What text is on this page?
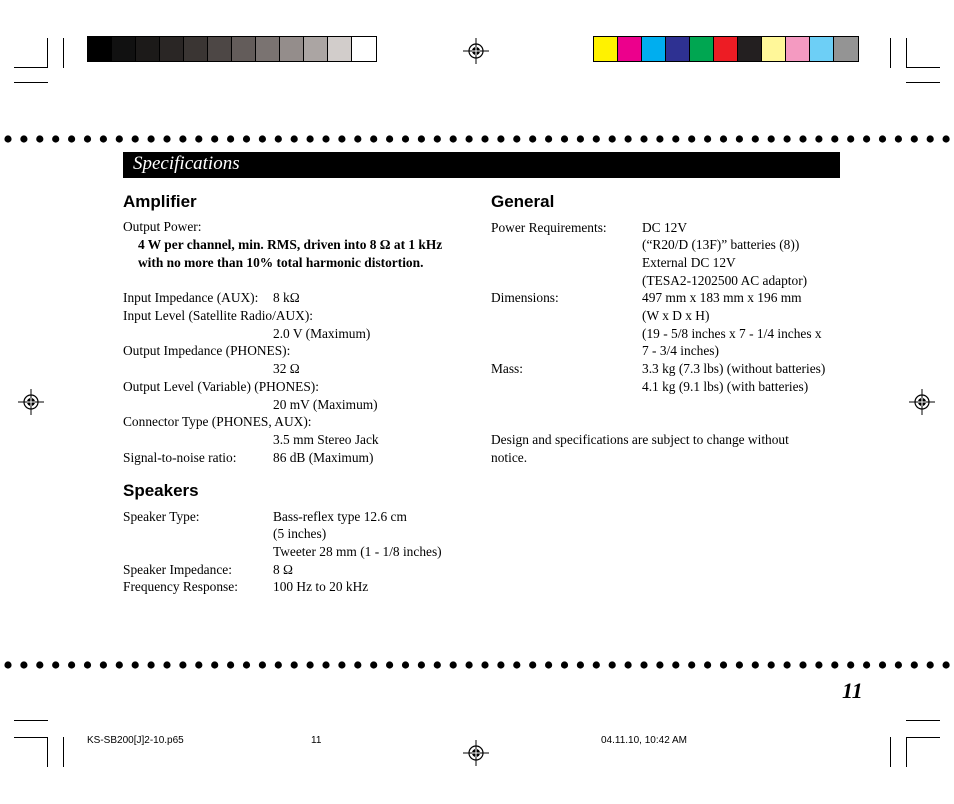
Specifications
Amplifier
Output Power:
4 W per channel, min. RMS, driven into 8 Ω at 1 kHz
with no more than 10% total harmonic distortion.
Input Impedance (AUX): 8 kΩ
Input Level (Satellite Radio/AUX):
2.0 V (Maximum)
Output Impedance (PHONES):
32 Ω
Output Level (Variable) (PHONES):
20 mV (Maximum)
Connector Type (PHONES, AUX):
3.5 mm Stereo Jack
Signal-to-noise ratio:	86 dB (Maximum)
Speakers
Speaker Type:	Bass-reflex type 12.6 cm
(5 inches)
Tweeter 28 mm (1 - 1/8 inches)
Speaker Impedance:	8 Ω
Frequency Response:	100 Hz to 20 kHz
General
Power Requirements:	DC 12V
(“R20/D (13F)” batteries (8))
External DC 12V
(TESA2-1202500 AC adaptor)
Dimensions:	497 mm x 183 mm x 196 mm
(W x D x H)
(19 - 5/8 inches x 7 - 1/4 inches x
7 - 3/4 inches)
Mass:	3.3 kg (7.3 lbs) (without batteries)
4.1 kg (9.1 lbs) (with batteries)
Design and specifications are subject to change without
notice.
11
KS-SB200[J]2-10.p65	11	04.11.10, 10:42 AM
